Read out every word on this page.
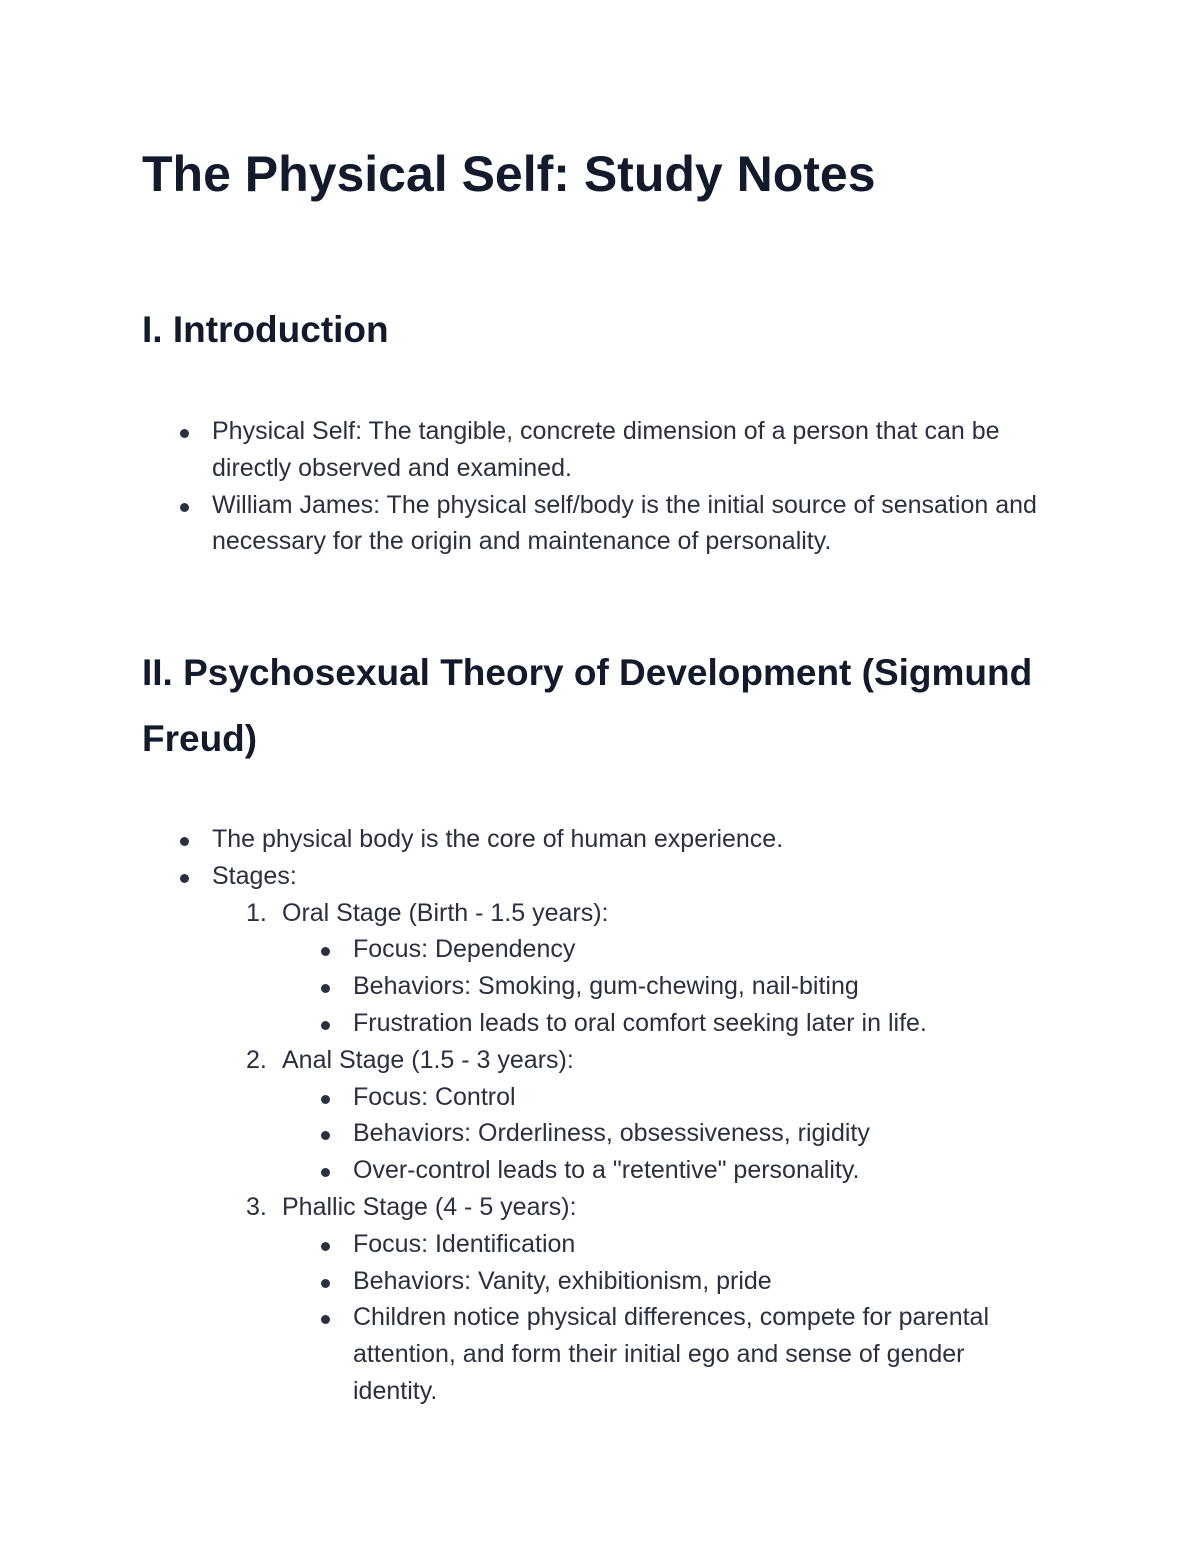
The Physical Self: Study Notes
I. Introduction
Physical Self: The tangible, concrete dimension of a person that can be directly observed and examined.
William James: The physical self/body is the initial source of sensation and necessary for the origin and maintenance of personality.
II. Psychosexual Theory of Development (Sigmund Freud)
The physical body is the core of human experience.
Stages:
1. Oral Stage (Birth - 1.5 years):
Focus: Dependency
Behaviors: Smoking, gum-chewing, nail-biting
Frustration leads to oral comfort seeking later in life.
2. Anal Stage (1.5 - 3 years):
Focus: Control
Behaviors: Orderliness, obsessiveness, rigidity
Over-control leads to a "retentive" personality.
3. Phallic Stage (4 - 5 years):
Focus: Identification
Behaviors: Vanity, exhibitionism, pride
Children notice physical differences, compete for parental attention, and form their initial ego and sense of gender identity.
